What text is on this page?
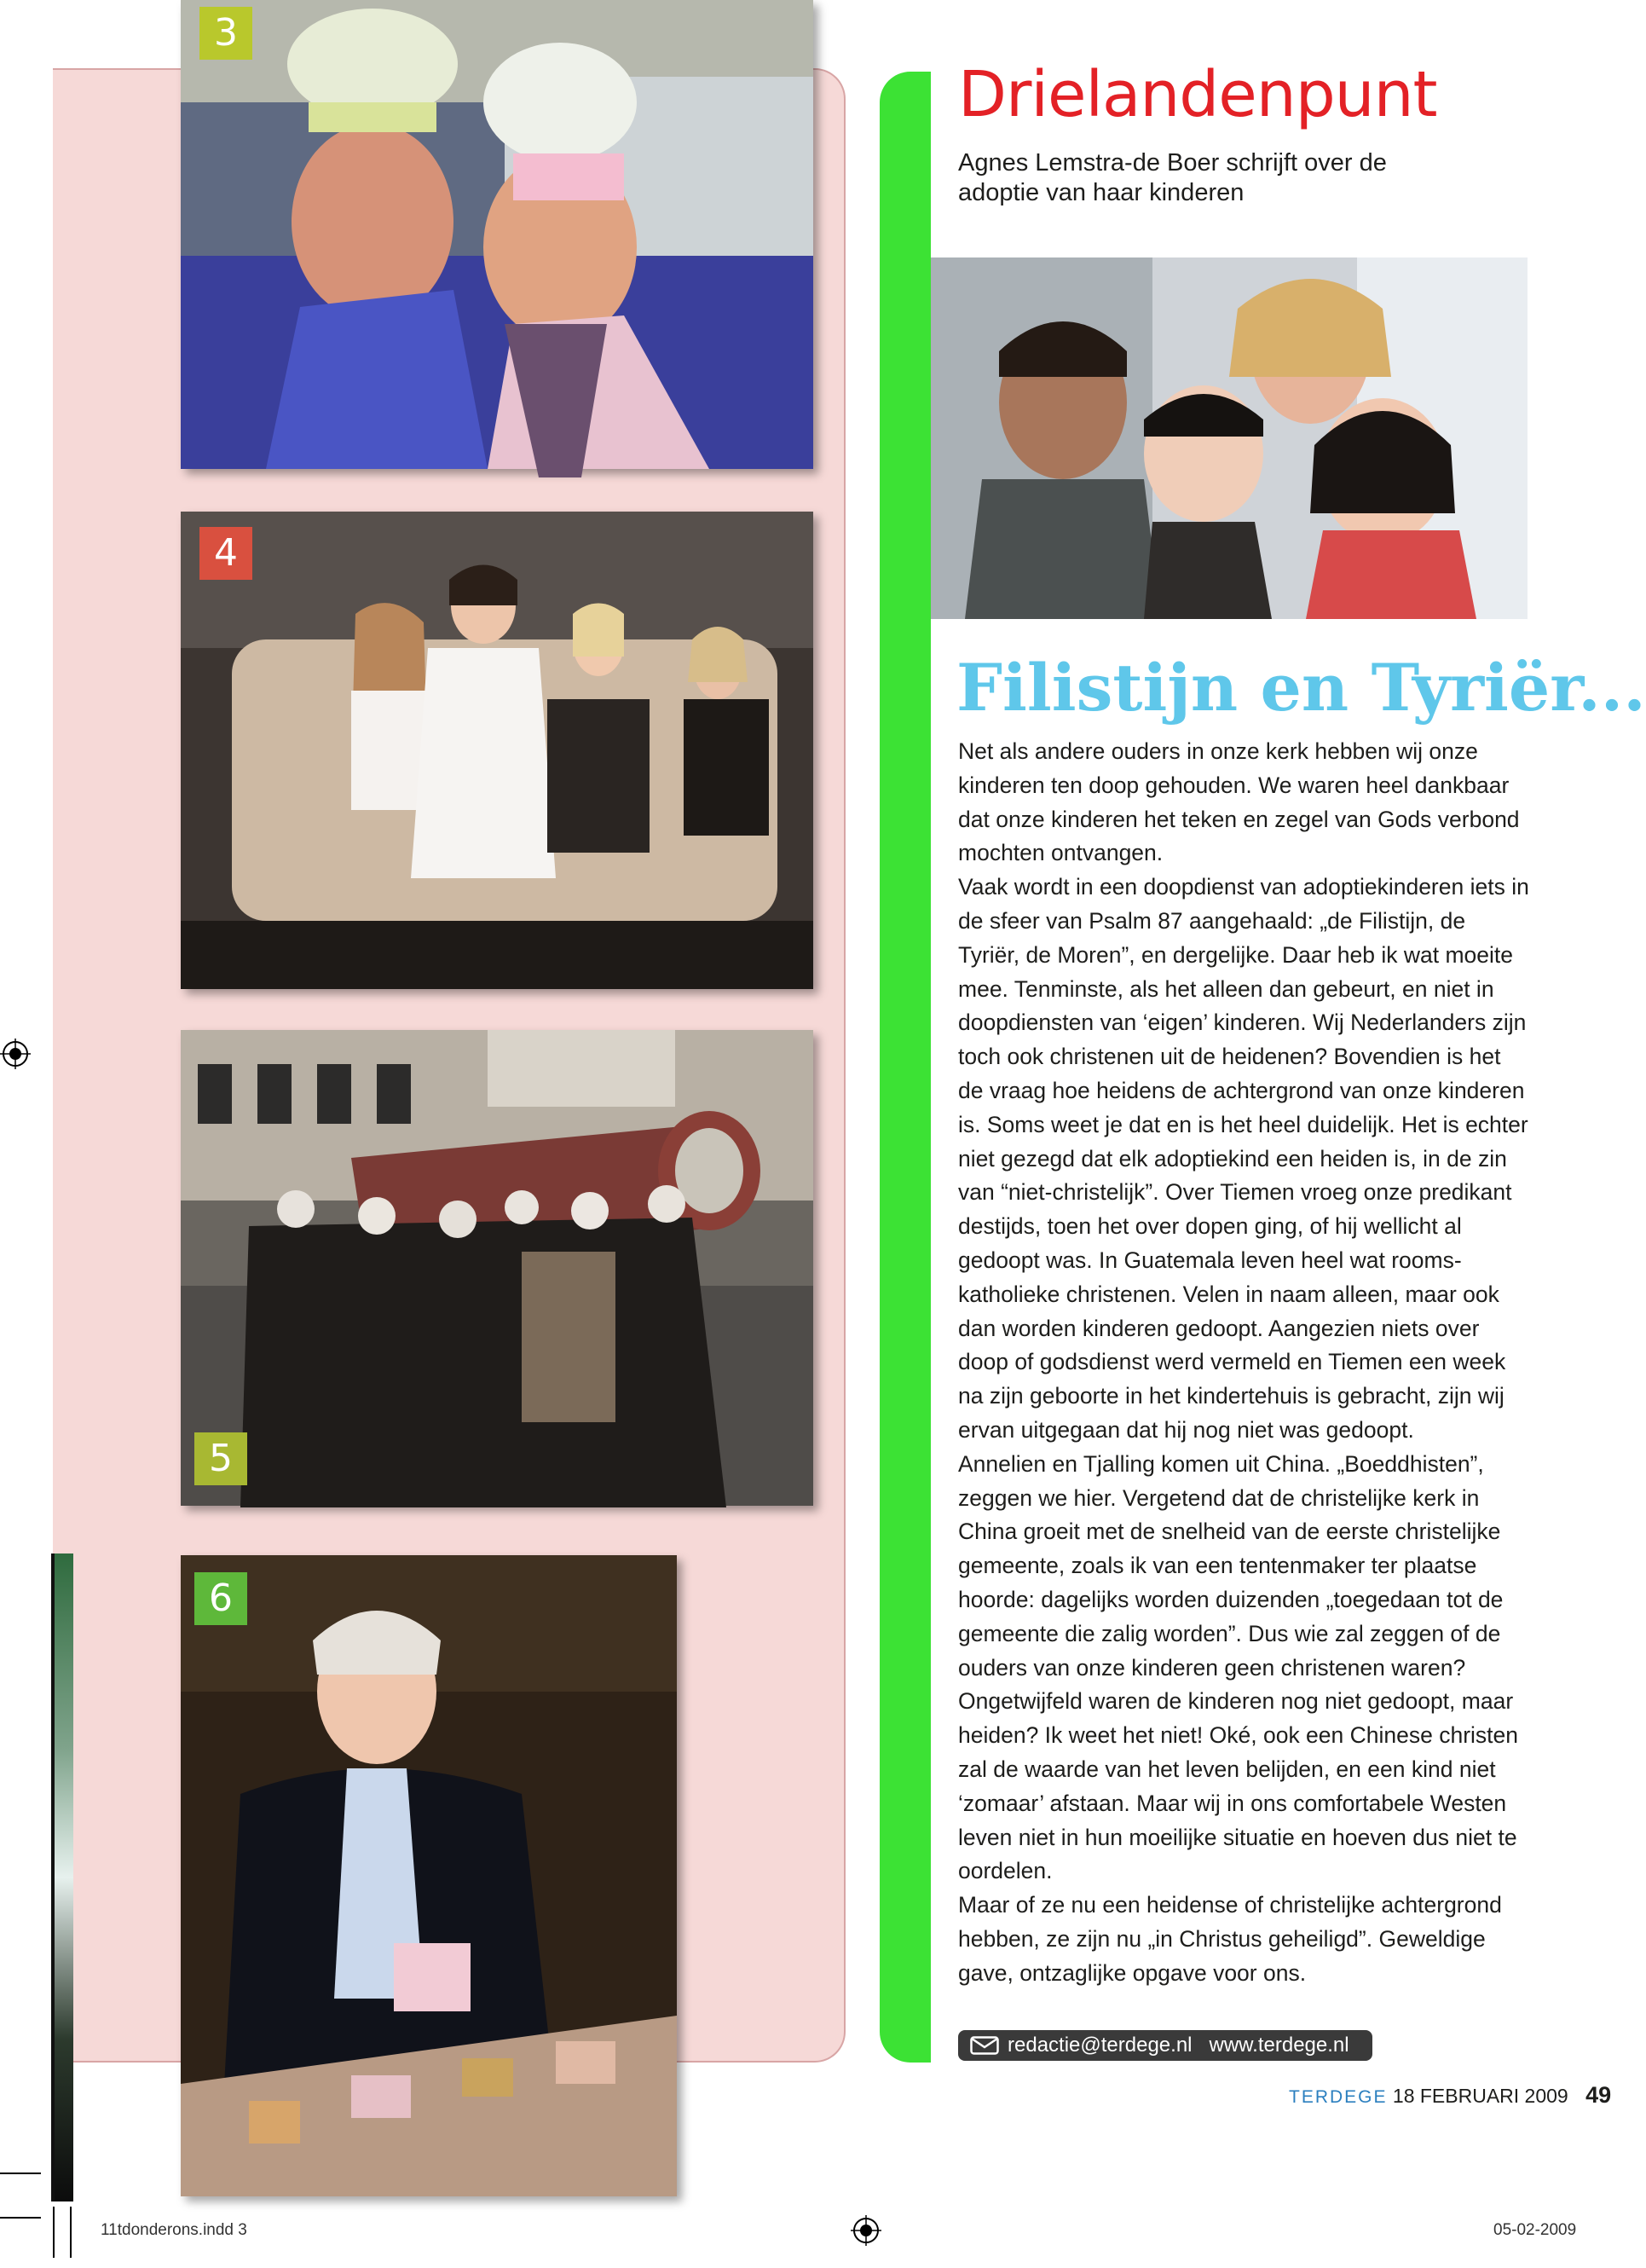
3
4
5
6
Drielandenpunt
Agnes Lemstra-de Boer schrijft over de adoptie van haar kinderen
Filistijn en Tyriër...

Net als andere ouders in onze kerk hebben wij onze kinderen ten doop gehouden. We waren heel dankbaar dat onze kinderen het teken en zegel van Gods verbond mochten ontvangen.

Vaak wordt in een doopdienst van adoptiekinderen iets in de sfeer van Psalm 87 aangehaald: „de Filistijn, de Tyriër, de Moren”, en dergelijke. Daar heb ik wat moeite mee. Tenminste, als het alleen dan gebeurt, en niet in doopdiensten van ‘eigen’ kinderen. Wij Nederlanders zijn toch ook christenen uit de heidenen? Bovendien is het de vraag hoe heidens de achtergrond van onze kinderen is. Soms weet je dat en is het heel duidelijk. Het is echter niet gezegd dat elk adoptiekind een heiden is, in de zin van “niet-christelijk”. Over Tiemen vroeg onze predikant destijds, toen het over dopen ging, of hij wellicht al gedoopt was. In Guatemala leven heel wat rooms-katholieke christenen. Velen in naam alleen, maar ook dan worden kinderen gedoopt. Aangezien niets over doop of godsdienst werd vermeld en Tiemen een week na zijn geboorte in het kindertehuis is gebracht, zijn wij ervan uitgegaan dat hij nog niet was gedoopt.

Annelien en Tjalling komen uit China. „Boeddhisten”, zeggen we hier. Vergetend dat de christelijke kerk in China groeit met de snelheid van de eerste christelijke gemeente, zoals ik van een tentenmaker ter plaatse hoorde: dagelijks worden duizenden „toegedaan tot de gemeente die zalig worden”. Dus wie zal zeggen of de ouders van onze kinderen geen christenen waren? Ongetwijfeld waren de kinderen nog niet gedoopt, maar heiden? Ik weet het niet! Oké, ook een Chinese christen zal de waarde van het leven belijden, en een kind niet ‘zomaar’ afstaan. Maar wij in ons comfortabele Westen leven niet in hun moeilijke situatie en hoeven dus niet te oordelen.

Maar of ze nu een heidense of christelijke achtergrond hebben, ze zijn nu „in Christus geheiligd”. Geweldige gave, ontzaglijke opgave voor ons.

redactie@terdege.nl www.terdege.nl
TERDEGE 18 FEBRUARI 2009 49
11tdonderons.indd 3	05-02-2009
